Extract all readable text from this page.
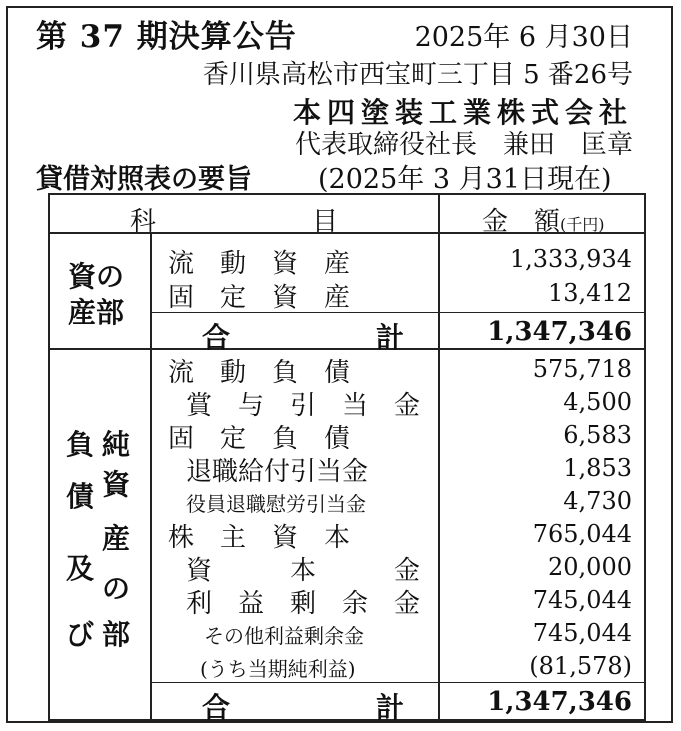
第 37 期決算公告	2025年 6 月30日
香川県高松市西宝町三丁目 5 番26号
本四塗装工業株式会社
代表取締役社長　兼田　匡章
貸借対照表の要旨 (2025年 3 月31日現在)
科　　　　　　目	金　額(千円)
資の
産部
流　動　資　産	1,333,934
固　定　資　産	13,412
合	計	1,347,346
負
債
及
び
純
資
産
の
部
流　動　負　債	575,718
賞　与　引　当　金	4,500
固　定　負　債	6,583
退職給付引当金	1,853
役員退職慰労引当金	4,730
株　主　資　本	765,044
資　　　本　　　金	20,000
利　益　剰　余　金	745,044
その他利益剰余金	745,044
(うち当期純利益)	(81,578)
合	計	1,347,346
